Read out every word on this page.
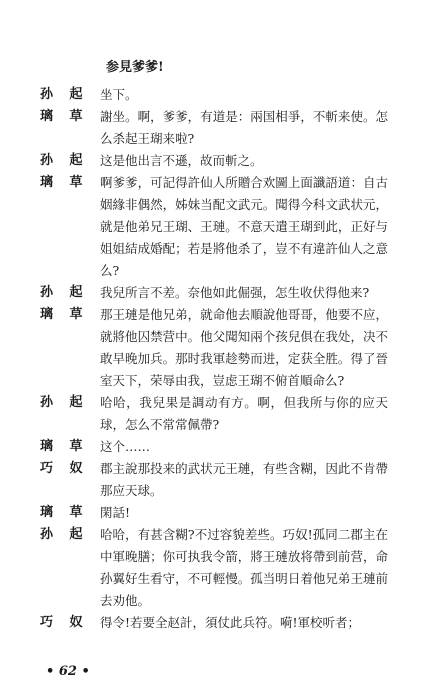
参見爹爹!
孙 起 坐下。
璃 草 謝坐。啊，爹爹，有道是：兩国相爭，不斬来使。怎么杀起王瑚来啦?
孙 起 这是他出言不遜，故而斬之。
璃 草 啊爹爹，可記得許仙人所贈合欢圖上面讖語道：自古姻緣非偶然，姊妹当配文武元。聞得今科文武状元，就是他弟兄王瑚、王璉。不意天遣王瑚到此，正好与姐姐結成婚配；若是將他杀了，豈不有違許仙人之意么?
孙 起 我兒所言不差。奈他如此倔强，怎生收伏得他来?
璃 草 那王璉是他兄弟，就命他去順說他哥哥，他要不应，就將他囚禁营中。他父聞知兩个孩兒俱在我处，决不敢早晚加兵。那时我軍趁勢而进，定获全胜。得了晉室天下，荣辱由我，豈虑王瑚不俯首順命么?
孙 起 哈哈，我兒果是調动有方。啊，但我所与你的应天球，怎么不常常佩帶?
璃 草 这个……
巧 奴 郡主說那投来的武状元王璉，有些含糊，因此不肯帶那应天球。
璃 草 閑話!
孙 起 哈哈，有甚含糊?不过容貌差些。巧奴!孤同二郡主在中軍晚膳；你可执我令箭，將王璉放将帶到前营，命孙翼好生看守，不可輕慢。孤当明日着他兄弟王璉前去劝他。
巧 奴 得令!若要全赵計，須仗此兵符。嗬!軍校听者；
• 62 •
